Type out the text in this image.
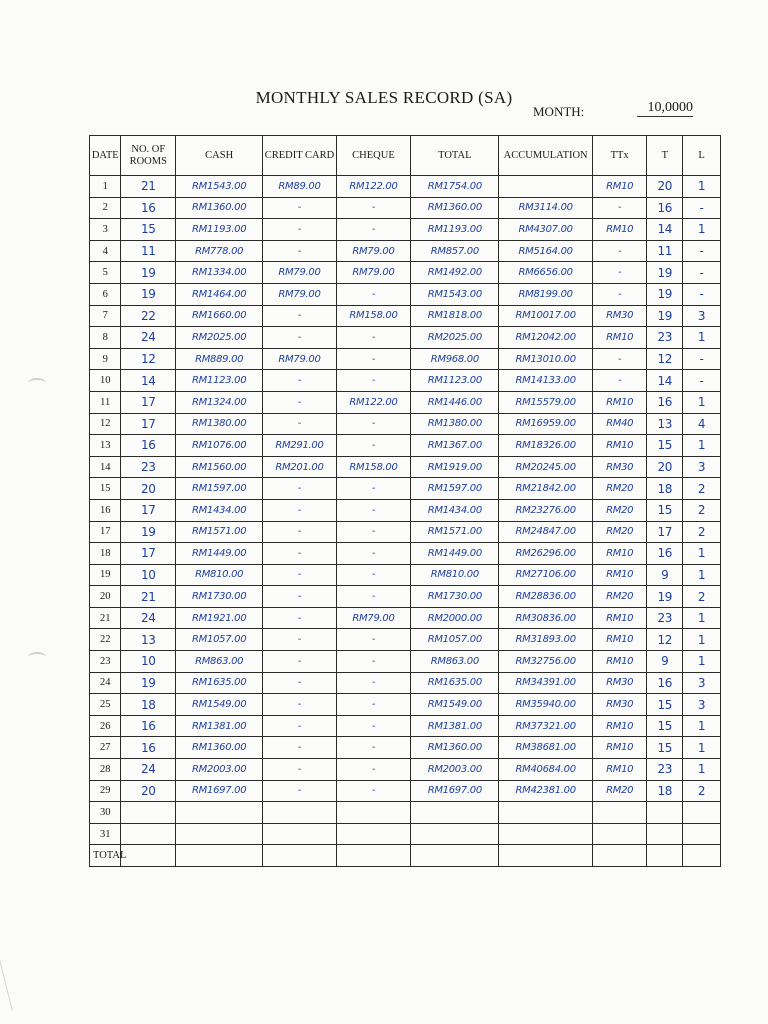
MONTHLY SALES RECORD (SA)
MONTH:	10,0000
DATE	NO. OF ROOMS	CASH	CREDIT CARD	CHEQUE	TOTAL	ACCUMULATION	TTx	T	L
1	21	RM1543.00	RM89.00	RM122.00	RM1754.00		RM10	20	1
2	16	RM1360.00	-	-	RM1360.00	RM3114.00	-	16	-
3	15	RM1193.00	-	-	RM1193.00	RM4307.00	RM10	14	1
4	11	RM778.00	-	RM79.00	RM857.00	RM5164.00	-	11	-
5	19	RM1334.00	RM79.00	RM79.00	RM1492.00	RM6656.00	-	19	-
6	19	RM1464.00	RM79.00	-	RM1543.00	RM8199.00	-	19	-
7	22	RM1660.00	-	RM158.00	RM1818.00	RM10017.00	RM30	19	3
8	24	RM2025.00	-	-	RM2025.00	RM12042.00	RM10	23	1
9	12	RM889.00	RM79.00	-	RM968.00	RM13010.00	-	12	-
10	14	RM1123.00	-	-	RM1123.00	RM14133.00	-	14	-
11	17	RM1324.00	-	RM122.00	RM1446.00	RM15579.00	RM10	16	1
12	17	RM1380.00	-	-	RM1380.00	RM16959.00	RM40	13	4
13	16	RM1076.00	RM291.00	-	RM1367.00	RM18326.00	RM10	15	1
14	23	RM1560.00	RM201.00	RM158.00	RM1919.00	RM20245.00	RM30	20	3
15	20	RM1597.00	-	-	RM1597.00	RM21842.00	RM20	18	2
16	17	RM1434.00	-	-	RM1434.00	RM23276.00	RM20	15	2
17	19	RM1571.00	-	-	RM1571.00	RM24847.00	RM20	17	2
18	17	RM1449.00	-	-	RM1449.00	RM26296.00	RM10	16	1
19	10	RM810.00	-	-	RM810.00	RM27106.00	RM10	9	1
20	21	RM1730.00	-	-	RM1730.00	RM28836.00	RM20	19	2
21	24	RM1921.00	-	RM79.00	RM2000.00	RM30836.00	RM10	23	1
22	13	RM1057.00	-	-	RM1057.00	RM31893.00	RM10	12	1
23	10	RM863.00	-	-	RM863.00	RM32756.00	RM10	9	1
24	19	RM1635.00	-	-	RM1635.00	RM34391.00	RM30	16	3
25	18	RM1549.00	-	-	RM1549.00	RM35940.00	RM30	15	3
26	16	RM1381.00	-	-	RM1381.00	RM37321.00	RM10	15	1
27	16	RM1360.00	-	-	RM1360.00	RM38681.00	RM10	15	1
28	24	RM2003.00	-	-	RM2003.00	RM40684.00	RM10	23	1
29	20	RM1697.00	-	-	RM1697.00	RM42381.00	RM20	18	2
30									
31									
TOTAL									
